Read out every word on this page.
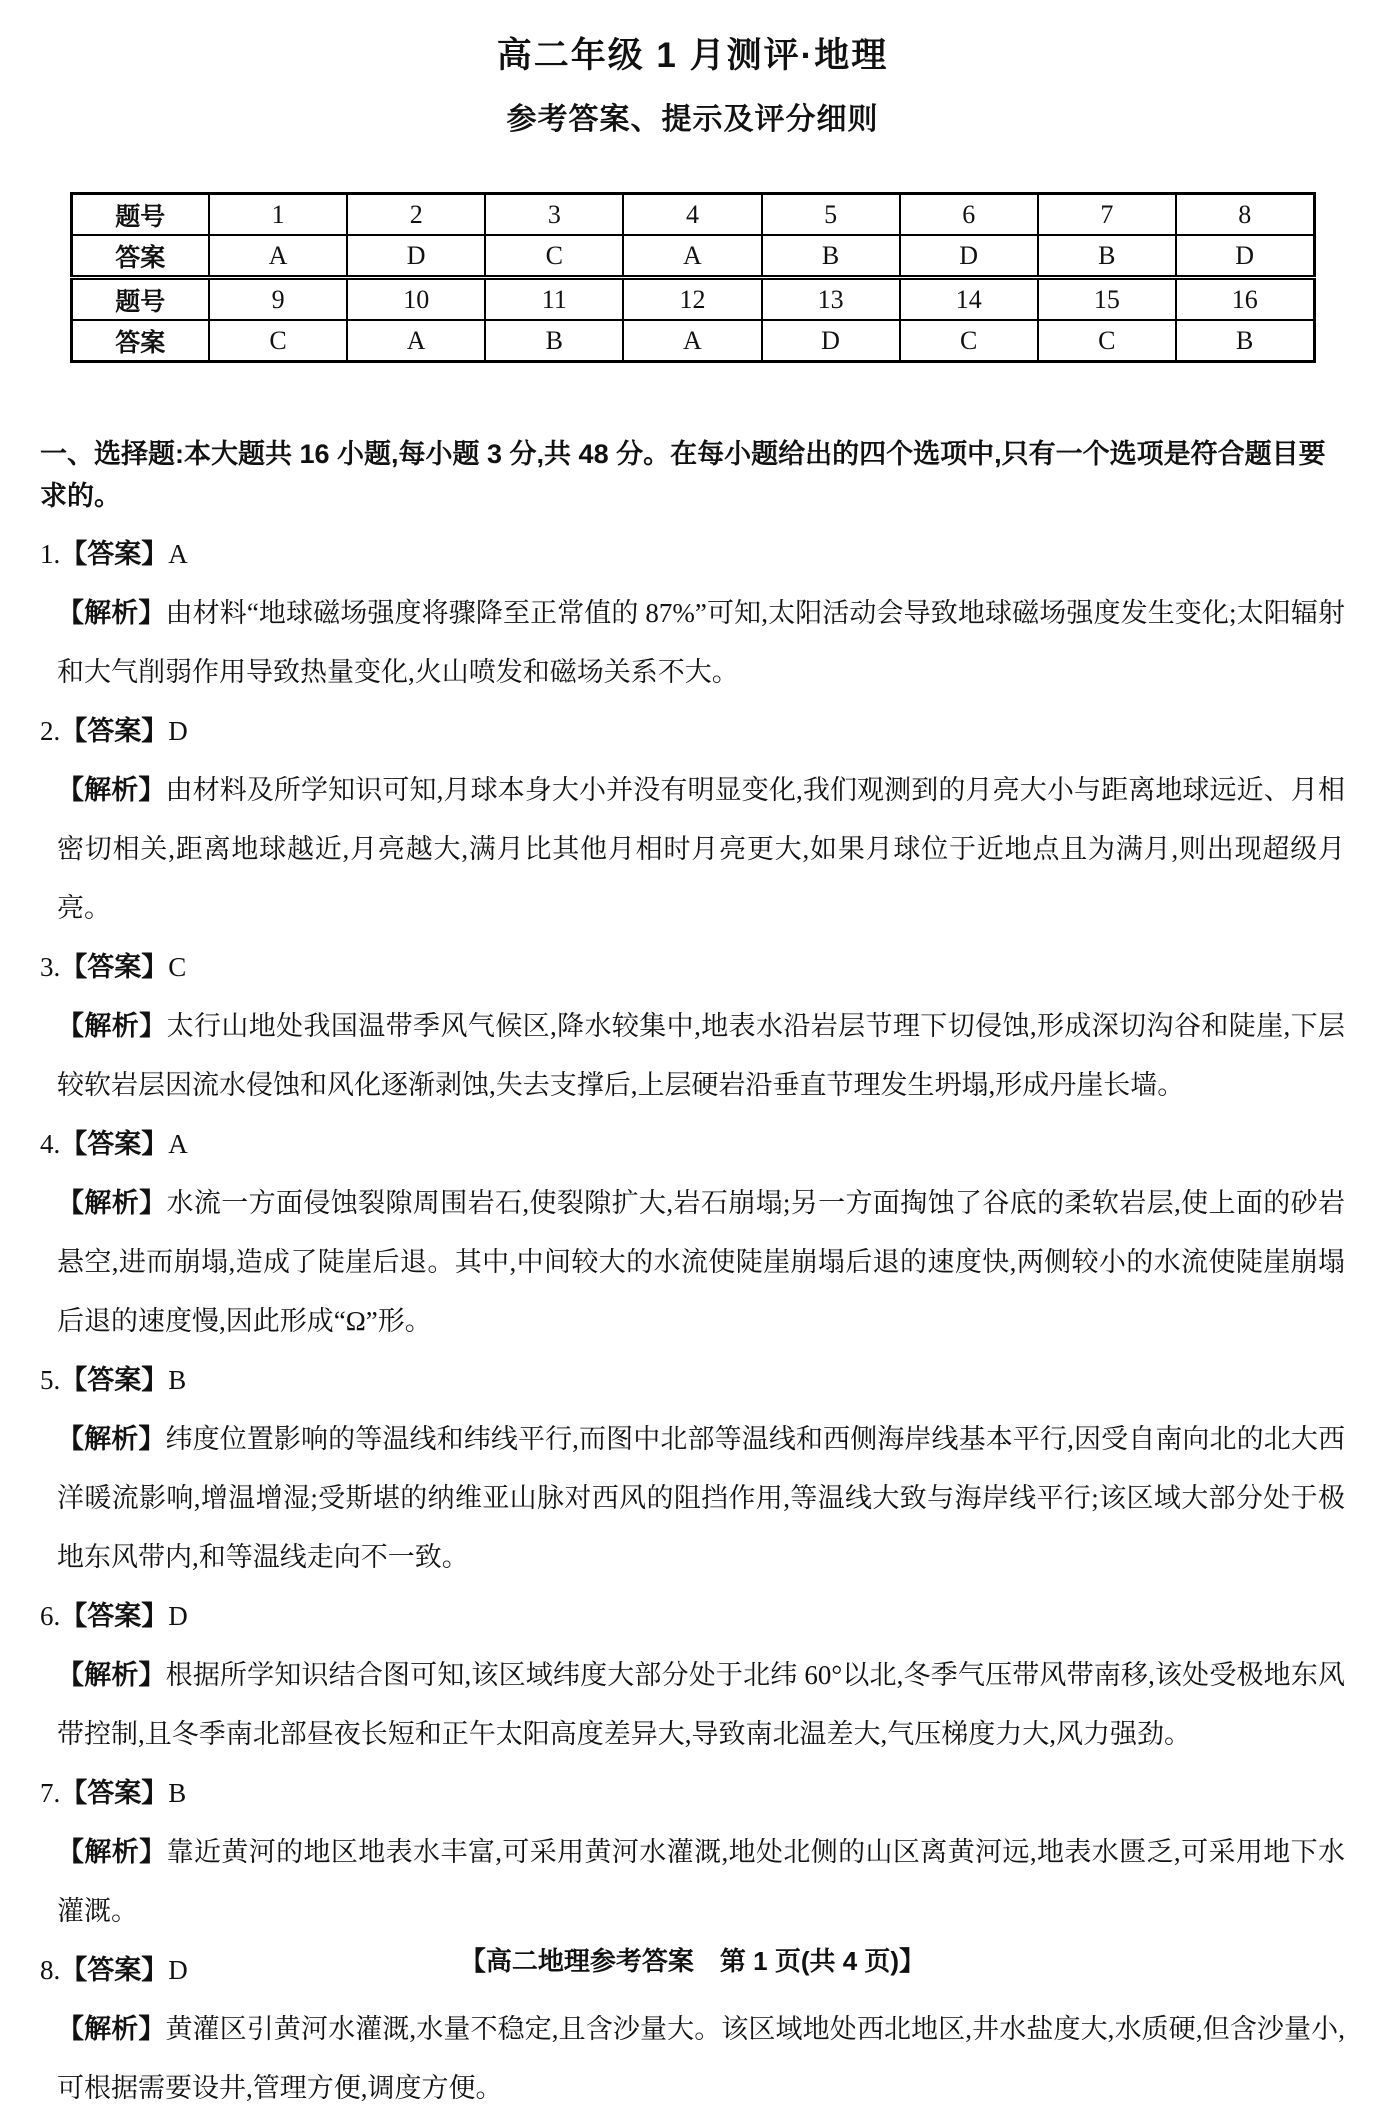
高二年级 1 月测评·地理
参考答案、提示及评分细则
题号	1	2	3	4	5	6	7	8
答案	A	D	C	A	B	D	B	D
题号	9	10	11	12	13	14	15	16
答案	C	A	B	A	D	C	C	B

一、选择题:本大题共 16 小题,每小题 3 分,共 48 分。在每小题给出的四个选项中,只有一个选项是符合题目要求的。

1.【答案】A

【解析】由材料“地球磁场强度将骤降至正常值的 87%”可知,太阳活动会导致地球磁场强度发生变化;太阳辐射和大气削弱作用导致热量变化,火山喷发和磁场关系不大。

2.【答案】D

【解析】由材料及所学知识可知,月球本身大小并没有明显变化,我们观测到的月亮大小与距离地球远近、月相密切相关,距离地球越近,月亮越大,满月比其他月相时月亮更大,如果月球位于近地点且为满月,则出现超级月亮。

3.【答案】C

【解析】太行山地处我国温带季风气候区,降水较集中,地表水沿岩层节理下切侵蚀,形成深切沟谷和陡崖,下层较软岩层因流水侵蚀和风化逐渐剥蚀,失去支撑后,上层硬岩沿垂直节理发生坍塌,形成丹崖长墙。

4.【答案】A

【解析】水流一方面侵蚀裂隙周围岩石,使裂隙扩大,岩石崩塌;另一方面掏蚀了谷底的柔软岩层,使上面的砂岩悬空,进而崩塌,造成了陡崖后退。其中,中间较大的水流使陡崖崩塌后退的速度快,两侧较小的水流使陡崖崩塌后退的速度慢,因此形成“Ω”形。

5.【答案】B

【解析】纬度位置影响的等温线和纬线平行,而图中北部等温线和西侧海岸线基本平行,因受自南向北的北大西洋暖流影响,增温增湿;受斯堪的纳维亚山脉对西风的阻挡作用,等温线大致与海岸线平行;该区域大部分处于极地东风带内,和等温线走向不一致。

6.【答案】D

【解析】根据所学知识结合图可知,该区域纬度大部分处于北纬 60°以北,冬季气压带风带南移,该处受极地东风带控制,且冬季南北部昼夜长短和正午太阳高度差异大,导致南北温差大,气压梯度力大,风力强劲。

7.【答案】B

【解析】靠近黄河的地区地表水丰富,可采用黄河水灌溉,地处北侧的山区离黄河远,地表水匮乏,可采用地下水灌溉。

8.【答案】D

【解析】黄灌区引黄河水灌溉,水量不稳定,且含沙量大。该区域地处西北地区,井水盐度大,水质硬,但含沙量小,可根据需要设井,管理方便,调度方便。

【高二地理参考答案　第 1 页(共 4 页)】
